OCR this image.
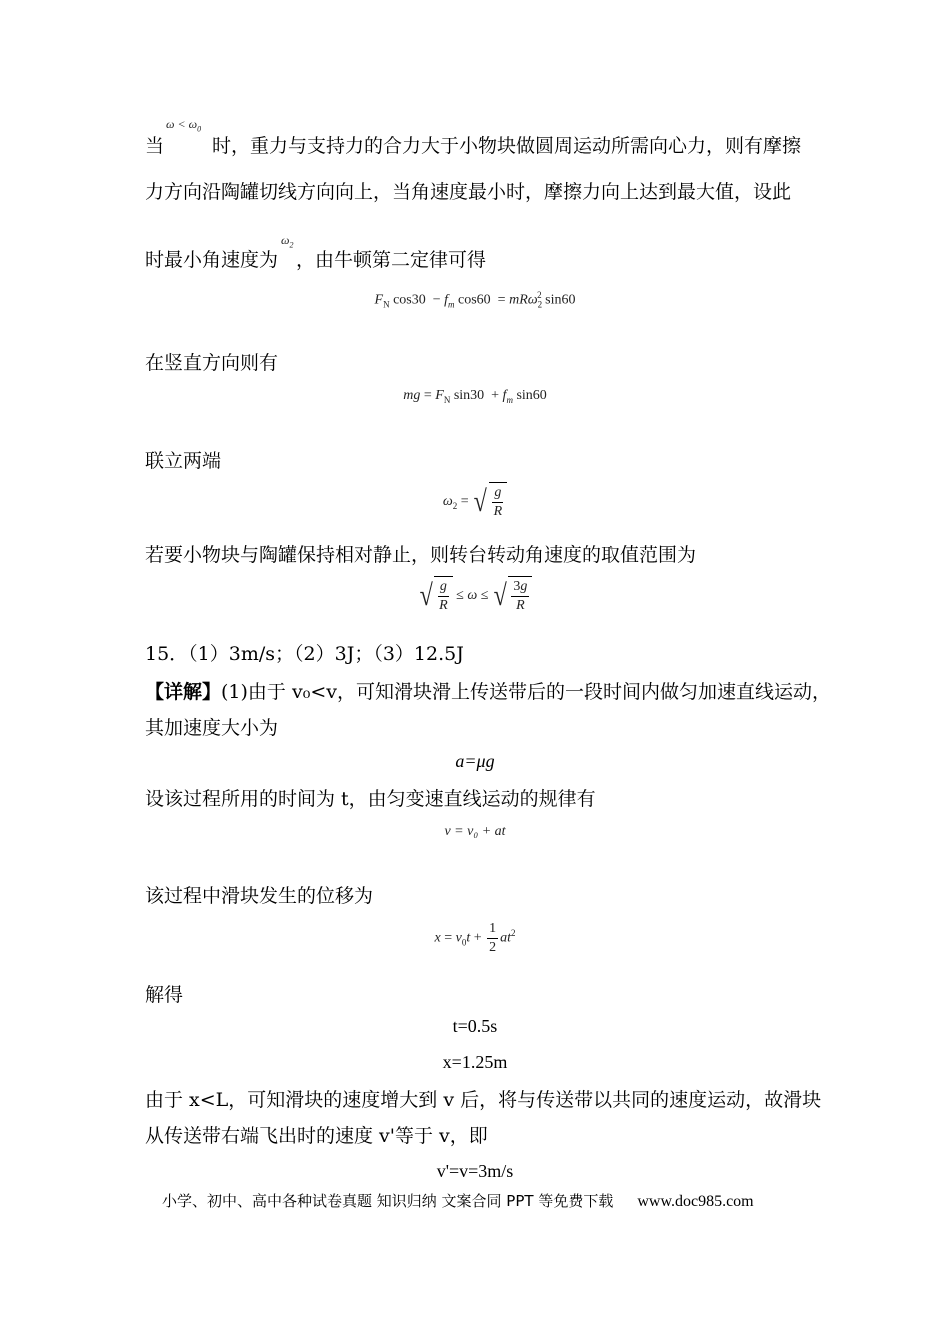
当
$\omega < \omega_0$
时，重力与支持力的合力大于小物块做圆周运动所需向心力，则有摩擦
力方向沿陶罐切线方向向上，当角速度最小时，摩擦力向上达到最大值，设此
时最小角速度为
$\omega_2$
，由牛顿第二定律可得
$F_N$ $\cos 30 - f_m$ cos60  = mRω$_2^2$ sin60
在竖直方向则有
mg = $F_N$ $\sin 30 + f_m$ sin60
联立两端
$\omega_2$ = √ $\frac{g}{R}$
若要小物块与陶罐保持相对静止，则转台转动角速度的取值范围为
√ $\frac{g}{R} \le \omega$ ≤ √ $\frac{3g}{R}$
15．（1）3m/s；（2）3J；（3）12.5J
【详解】(1)由于 v₀<v，可知滑块滑上传送带后的一段时间内做匀加速直线运动，
其加速度大小为
a=μg
设该过程所用的时间为 t，由匀变速直线运动的规律有
v = v₀ + at
该过程中滑块发生的位移为
$x = v_0t + \frac{1}{2} at^2$
解得
t=0.5s
x=1.25m
由于 x<L，可知滑块的速度增大到 v 后，将与传送带以共同的速度运动，故滑块
从传送带右端飞出时的速度 v'等于 v，即
v'=v=3m/s
小学、初中、高中各种试卷真题 知识归纳 文案合同 PPT 等免费下载 www.doc985.com
